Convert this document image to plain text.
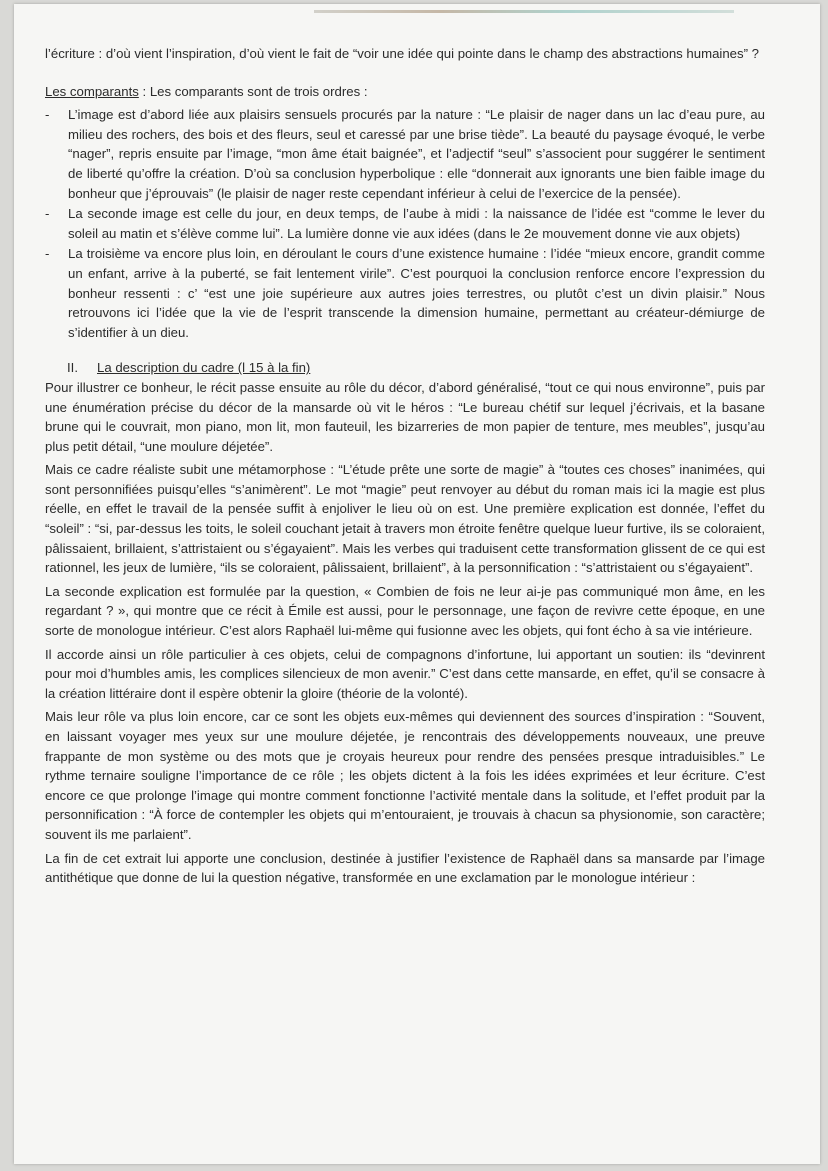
l’écriture : d’où vient l’inspiration, d’où vient le fait de “voir une idée qui pointe dans le champ des abstractions humaines” ?

Les comparants : Les comparants sont de trois ordres :

- L’image est d’abord liée aux plaisirs sensuels procurés par la nature : “Le plaisir de nager dans un lac d’eau pure, au milieu des rochers, des bois et des fleurs, seul et caressé par une brise tiède”. La beauté du paysage évoqué, le verbe “nager”, repris ensuite par l’image, “mon âme était baignée”, et l’adjectif “seul” s’associent pour suggérer le sentiment de liberté qu’offre la création. D’où sa conclusion hyperbolique : elle “donnerait aux ignorants une bien faible image du bonheur que j’éprouvais” (le plaisir de nager reste cependant inférieur à celui de l’exercice de la pensée).
- La seconde image est celle du jour, en deux temps, de l’aube à midi : la naissance de l’idée est “comme le lever du soleil au matin et s’élève comme lui”. La lumière donne vie aux idées (dans le 2e mouvement donne vie aux objets)
- La troisième va encore plus loin, en déroulant le cours d’une existence humaine : l’idée “mieux encore, grandit comme un enfant, arrive à la puberté, se fait lentement virile”. C’est pourquoi la conclusion renforce encore l’expression du bonheur ressenti : c’ “est une joie supérieure aux autres joies terrestres, ou plutôt c’est un divin plaisir.” Nous retrouvons ici l’idée que la vie de l’esprit transcende la dimension humaine, permettant au créateur-démiurge de s’identifier à un dieu.

II. La description du cadre (l 15 à la fin)

Pour illustrer ce bonheur, le récit passe ensuite au rôle du décor, d’abord généralisé, “tout ce qui nous environne”, puis par une énumération précise du décor de la mansarde où vit le héros : “Le bureau chétif sur lequel j’écrivais, et la basane brune qui le couvrait, mon piano, mon lit, mon fauteuil, les bizarreries de mon papier de tenture, mes meubles”, jusqu’au plus petit détail, “une moulure déjetée”.

Mais ce cadre réaliste subit une métamorphose : “L’étude prête une sorte de magie” à “toutes ces choses” inanimées, qui sont personnifiées puisqu’elles “s’animèrent”. Le mot “magie” peut renvoyer au début du roman mais ici la magie est plus réelle, en effet le travail de la pensée suffit à enjoliver le lieu où on est. Une première explication est donnée, l’effet du “soleil” : “si, par-dessus les toits, le soleil couchant jetait à travers mon étroite fenêtre quelque lueur furtive, ils se coloraient, pâlissaient, brillaient, s’attristaient ou s’égayaient”. Mais les verbes qui traduisent cette transformation glissent de ce qui est rationnel, les jeux de lumière, “ils se coloraient, pâlissaient, brillaient”, à la personnification : “s’attristaient ou s’égayaient”.

La seconde explication est formulée par la question, « Combien de fois ne leur ai-je pas communiqué mon âme, en les regardant ? », qui montre que ce récit à Émile est aussi, pour le personnage, une façon de revivre cette époque, en une sorte de monologue intérieur. C’est alors Raphaël lui-même qui fusionne avec les objets, qui font écho à sa vie intérieure.

Il accorde ainsi un rôle particulier à ces objets, celui de compagnons d’infortune, lui apportant un soutien: ils “devinrent pour moi d’humbles amis, les complices silencieux de mon avenir.” C’est dans cette mansarde, en effet, qu’il se consacre à la création littéraire dont il espère obtenir la gloire (théorie de la volonté).

Mais leur rôle va plus loin encore, car ce sont les objets eux-mêmes qui deviennent des sources d’inspiration : “Souvent, en laissant voyager mes yeux sur une moulure déjetée, je rencontrais des développements nouveaux, une preuve frappante de mon système ou des mots que je croyais heureux pour rendre des pensées presque intraduisibles.” Le rythme ternaire souligne l’importance de ce rôle ; les objets dictent à la fois les idées exprimées et leur écriture. C’est encore ce que prolonge l’image qui montre comment fonctionne l’activité mentale dans la solitude, et l’effet produit par la personnification : “À force de contempler les objets qui m’entouraient, je trouvais à chacun sa physionomie, son caractère; souvent ils me parlaient”.

La fin de cet extrait lui apporte une conclusion, destinée à justifier l’existence de Raphaël dans sa mansarde par l’image antithétique que donne de lui la question négative, transformée en une exclamation par le monologue intérieur :
